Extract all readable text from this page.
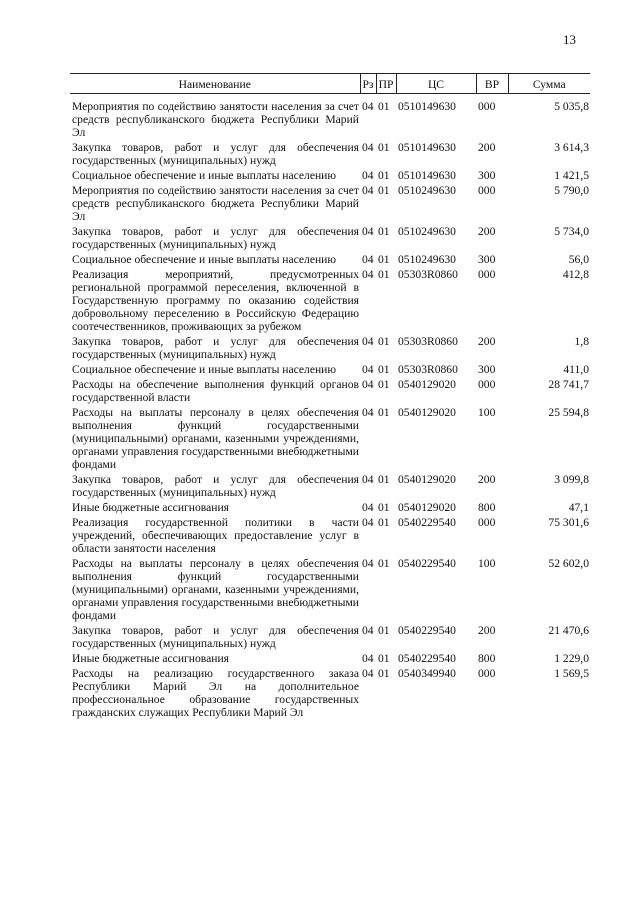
13
Наименование	Рз	ПР	ЦС	ВР	Сумма
Мероприятия по содействию занятости населения за счет средств республиканского бюджета Республики Марий Эл	04	01	0510149630	000	5 035,8
Закупка товаров, работ и услуг для обеспечения государственных (муниципальных) нужд	04	01	0510149630	200	3 614,3
Социальное обеспечение и иные выплаты населению	04	01	0510149630	300	1 421,5
Мероприятия по содействию занятости населения за счет средств республиканского бюджета Республики Марий Эл	04	01	0510249630	000	5 790,0
Закупка товаров, работ и услуг для обеспечения государственных (муниципальных) нужд	04	01	0510249630	200	5 734,0
Социальное обеспечение и иные выплаты населению	04	01	0510249630	300	56,0
Реализация мероприятий, предусмотренных региональной программой переселения, включенной в Государственную программу по оказанию содействия добровольному переселению в Российскую Федерацию соотечественников, проживающих за рубежом	04	01	05303R0860	000	412,8
Закупка товаров, работ и услуг для обеспечения государственных (муниципальных) нужд	04	01	05303R0860	200	1,8
Социальное обеспечение и иные выплаты населению	04	01	05303R0860	300	411,0
Расходы на обеспечение выполнения функций органов государственной власти	04	01	0540129020	000	28 741,7
Расходы на выплаты персоналу в целях обеспечения выполнения функций государственными (муниципальными) органами, казенными учреждениями, органами управления государственными внебюджетными фондами	04	01	0540129020	100	25 594,8
Закупка товаров, работ и услуг для обеспечения государственных (муниципальных) нужд	04	01	0540129020	200	3 099,8
Иные бюджетные ассигнования	04	01	0540129020	800	47,1
Реализация государственной политики в части учреждений, обеспечивающих предоставление услуг в области занятости населения	04	01	0540229540	000	75 301,6
Расходы на выплаты персоналу в целях обеспечения выполнения функций государственными (муниципальными) органами, казенными учреждениями, органами управления государственными внебюджетными фондами	04	01	0540229540	100	52 602,0
Закупка товаров, работ и услуг для обеспечения государственных (муниципальных) нужд	04	01	0540229540	200	21 470,6
Иные бюджетные ассигнования	04	01	0540229540	800	1 229,0
Расходы на реализацию государственного заказа Республики Марий Эл на дополнительное профессиональное образование государственных гражданских служащих Республики Марий Эл	04	01	0540349940	000	1 569,5
